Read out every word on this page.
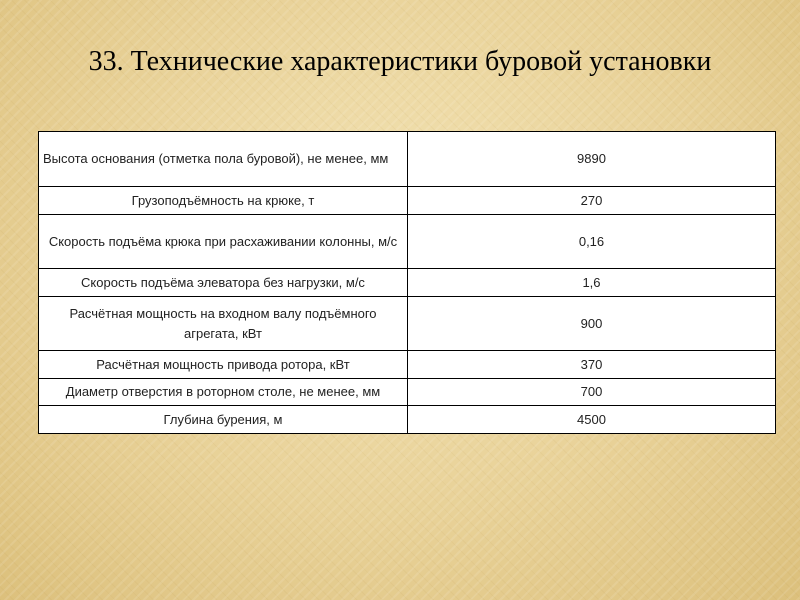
33. Технические характеристики буровой установки
Высота основания (отметка пола буровой), не менее, мм	9890
Грузоподъёмность на крюке, т	270
Скорость подъёма крюка при расхаживании колонны, м/с	0,16
Скорость подъёма элеватора без нагрузки, м/с	1,6
Расчётная мощность на входном валу подъёмного агрегата, кВт	900
Расчётная мощность привода ротора, кВт	370
Диаметр отверстия в роторном столе, не менее, мм	700
Глубина бурения, м	4500
